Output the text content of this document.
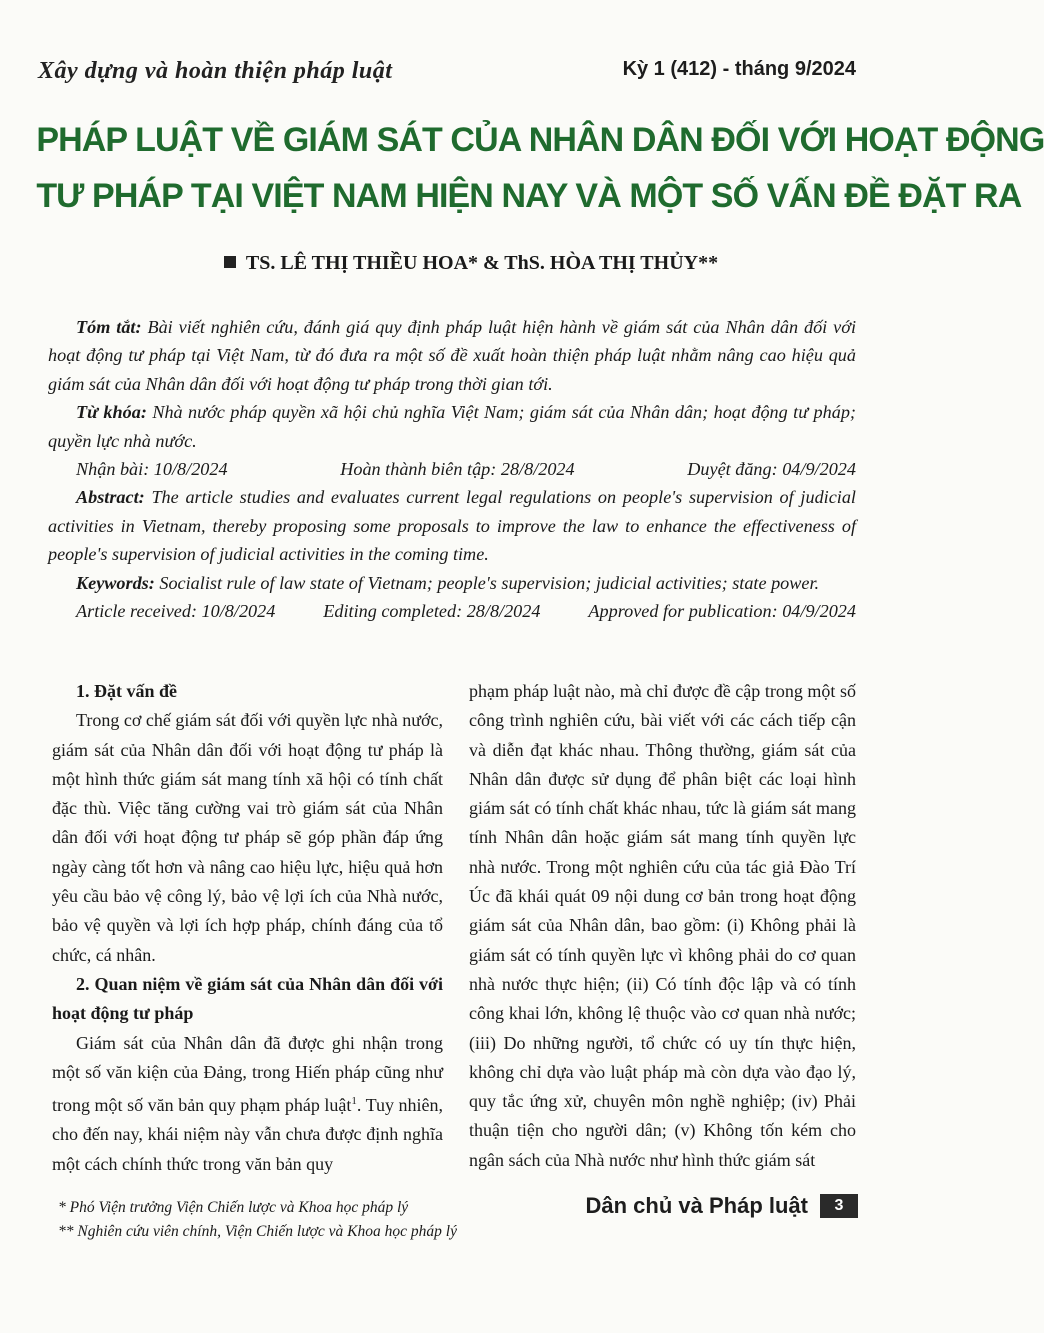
Xây dựng và hoàn thiện pháp luật	Kỳ 1 (412) - tháng 9/2024
PHÁP LUẬT VỀ GIÁM SÁT CỦA NHÂN DÂN ĐỐI VỚI HOẠT ĐỘNG
TƯ PHÁP TẠI VIỆT NAM HIỆN NAY VÀ MỘT SỐ VẤN ĐỀ ĐẶT RA
TS. LÊ THỊ THIỀU HOA* & ThS. HÒA THỊ THỦY**

Tóm tắt: Bài viết nghiên cứu, đánh giá quy định pháp luật hiện hành về giám sát của Nhân dân đối với hoạt động tư pháp tại Việt Nam, từ đó đưa ra một số đề xuất hoàn thiện pháp luật nhằm nâng cao hiệu quả giám sát của Nhân dân đối với hoạt động tư pháp trong thời gian tới.

Từ khóa: Nhà nước pháp quyền xã hội chủ nghĩa Việt Nam; giám sát của Nhân dân; hoạt động tư pháp; quyền lực nhà nước.

Nhận bài: 10/8/2024	Hoàn thành biên tập: 28/8/2024	Duyệt đăng: 04/9/2024

Abstract: The article studies and evaluates current legal regulations on people's supervision of judicial activities in Vietnam, thereby proposing some proposals to improve the law to enhance the effectiveness of people's supervision of judicial activities in the coming time.

Keywords: Socialist rule of law state of Vietnam; people's supervision; judicial activities; state power.

Article received: 10/8/2024	Editing completed: 28/8/2024	Approved for publication: 04/9/2024
1. Đặt vấn đề

Trong cơ chế giám sát đối với quyền lực nhà nước, giám sát của Nhân dân đối với hoạt động tư pháp là một hình thức giám sát mang tính xã hội có tính chất đặc thù. Việc tăng cường vai trò giám sát của Nhân dân đối với hoạt động tư pháp sẽ góp phần đáp ứng ngày càng tốt hơn và nâng cao hiệu lực, hiệu quả hơn yêu cầu bảo vệ công lý, bảo vệ lợi ích của Nhà nước, bảo vệ quyền và lợi ích hợp pháp, chính đáng của tổ chức, cá nhân.

2. Quan niệm về giám sát của Nhân dân đối với hoạt động tư pháp

Giám sát của Nhân dân đã được ghi nhận trong một số văn kiện của Đảng, trong Hiến pháp cũng như trong một số văn bản quy phạm pháp luật$^1$. Tuy nhiên, cho đến nay, khái niệm này vẫn chưa được định nghĩa một cách chính thức trong văn bản quy

phạm pháp luật nào, mà chỉ được đề cập trong một số công trình nghiên cứu, bài viết với các cách tiếp cận và diễn đạt khác nhau. Thông thường, giám sát của Nhân dân được sử dụng để phân biệt các loại hình giám sát có tính chất khác nhau, tức là giám sát mang tính Nhân dân hoặc giám sát mang tính quyền lực nhà nước. Trong một nghiên cứu của tác giả Đào Trí Úc đã khái quát 09 nội dung cơ bản trong hoạt động giám sát của Nhân dân, bao gồm: (i) Không phải là giám sát có tính quyền lực vì không phải do cơ quan nhà nước thực hiện; (ii) Có tính độc lập và có tính công khai lớn, không lệ thuộc vào cơ quan nhà nước; (iii) Do những người, tổ chức có uy tín thực hiện, không chỉ dựa vào luật pháp mà còn dựa vào đạo lý, quy tắc ứng xử, chuyên môn nghề nghiệp; (iv) Phải thuận tiện cho người dân; (v) Không tốn kém cho ngân sách của Nhà nước như hình thức giám sát

* Phó Viện trưởng Viện Chiến lược và Khoa học pháp lý
** Nghiên cứu viên chính, Viện Chiến lược và Khoa học pháp lý
Dân chủ và Pháp luật	3
